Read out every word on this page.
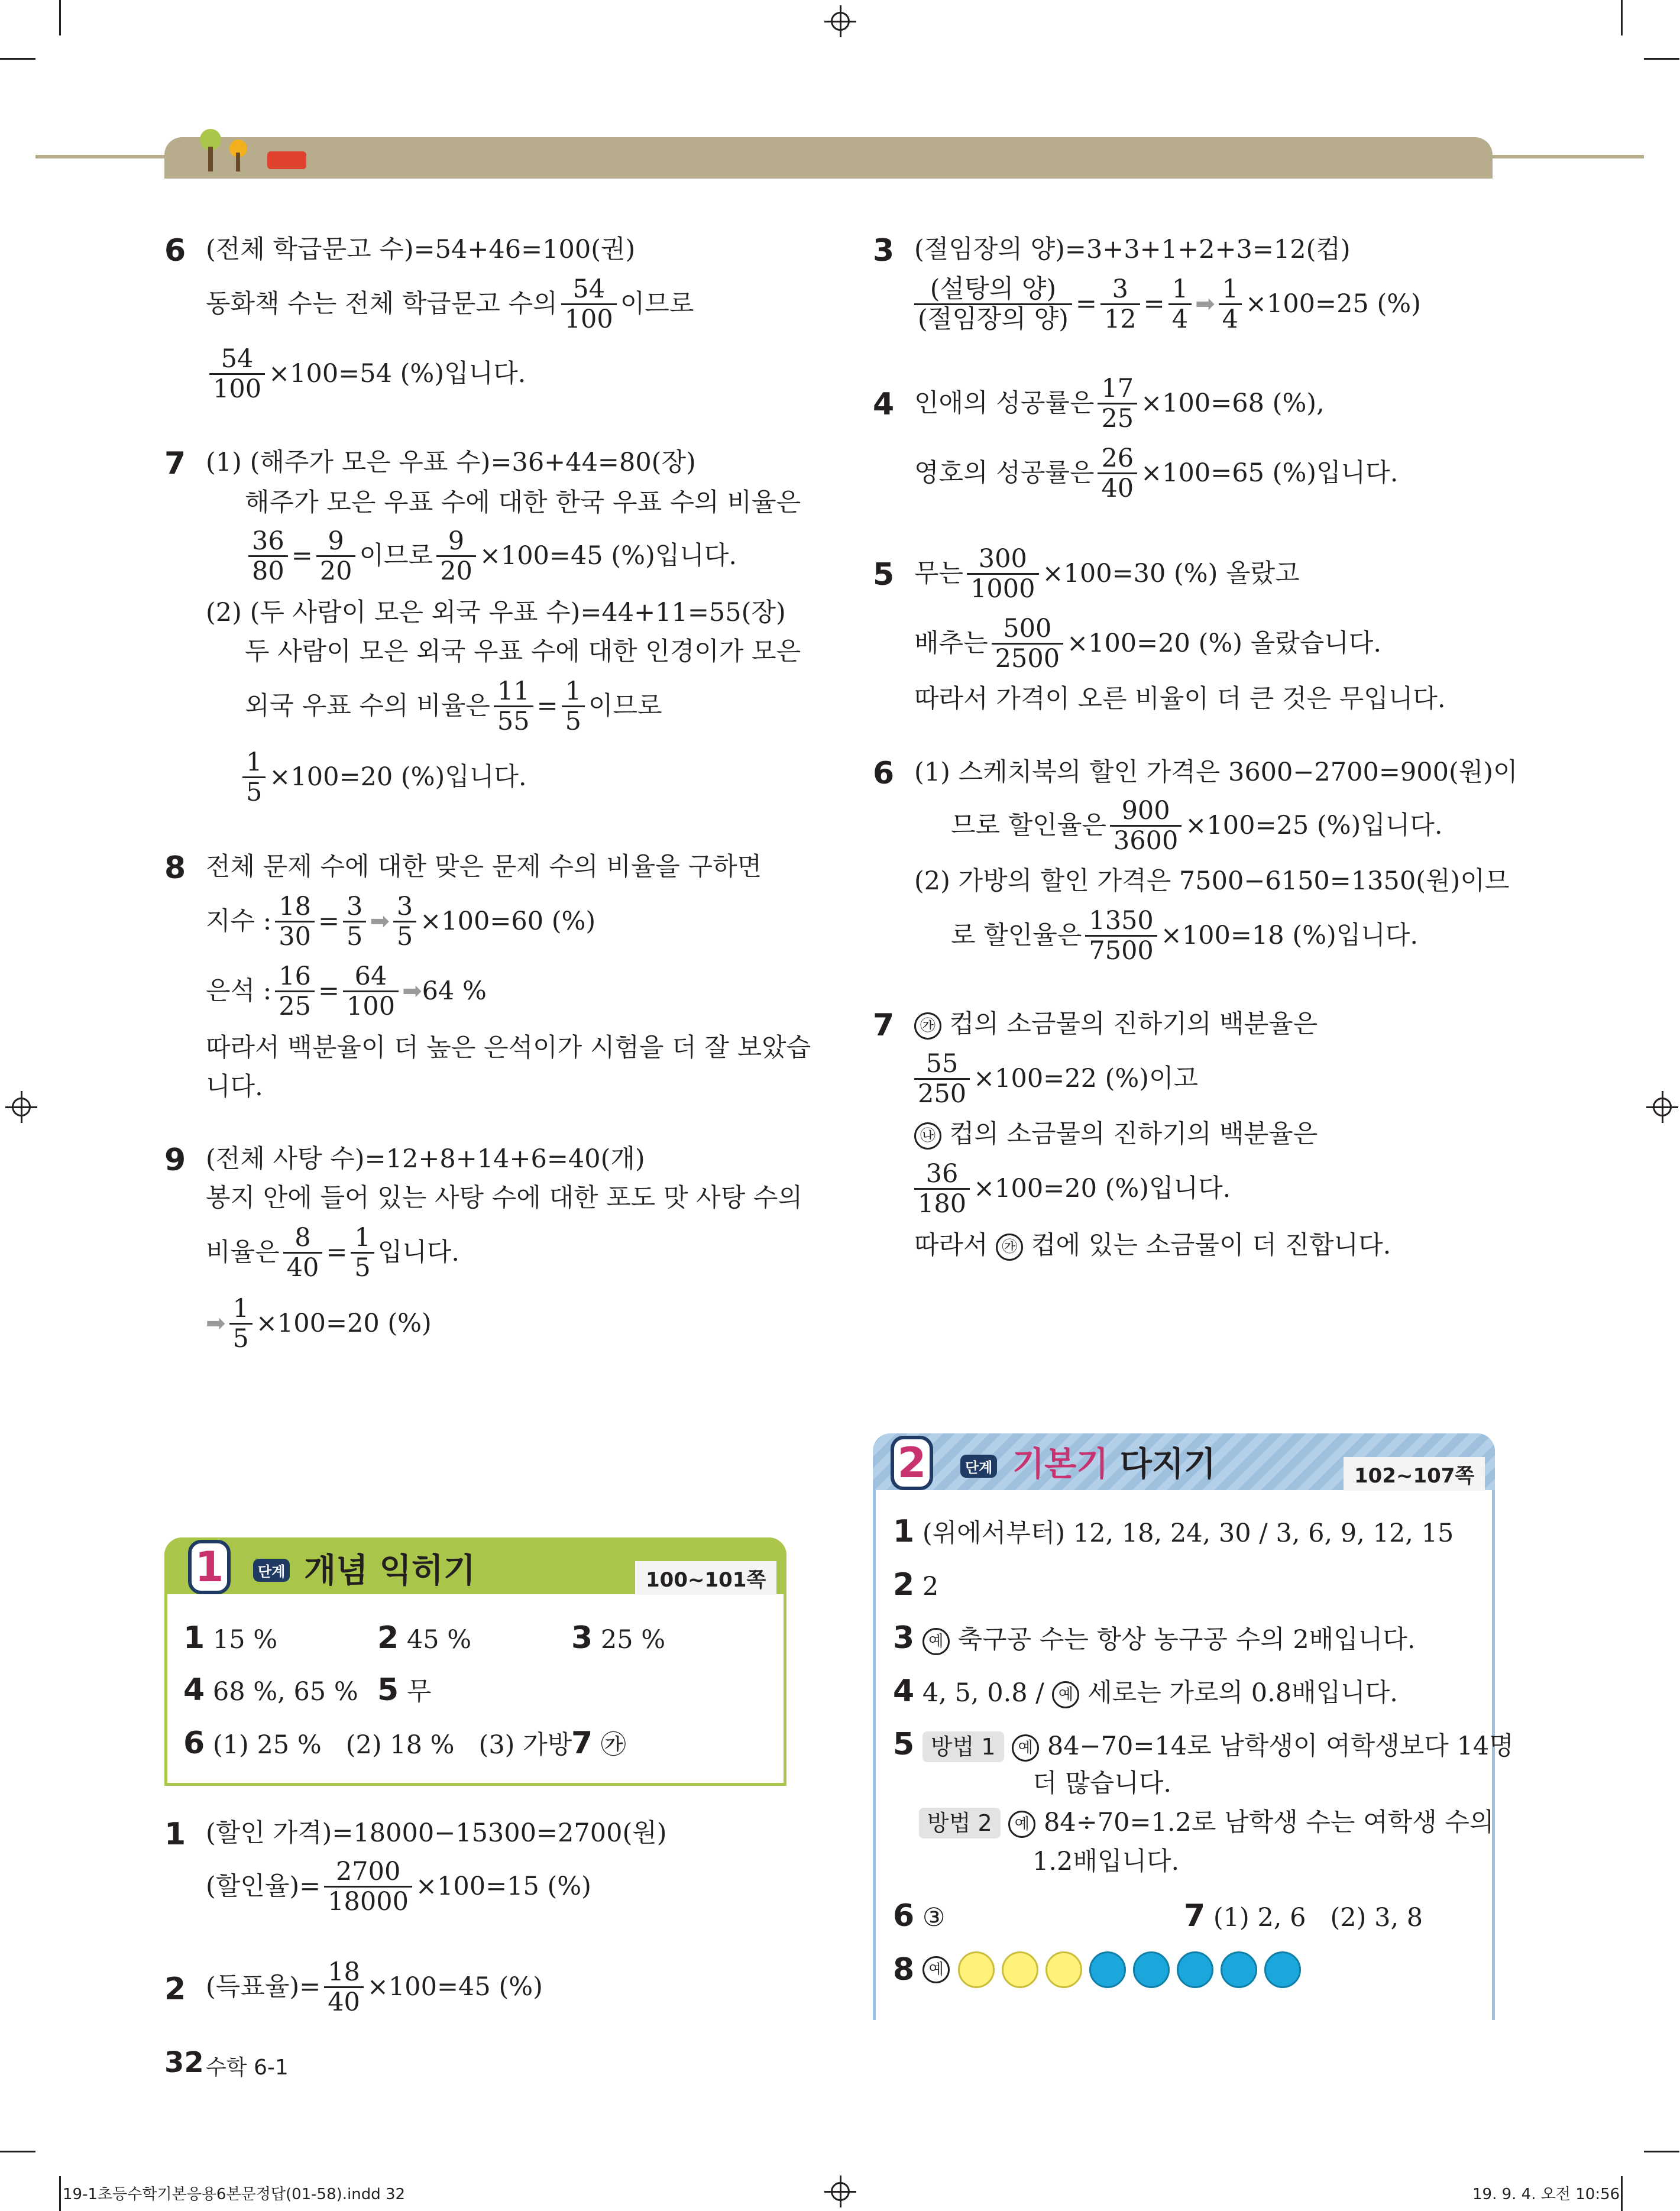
6 (전체 학급문고 수)=54+46=100(권)
동화책 수는 전체 학급문고 수의 $\frac{54}{100}$ 이므로
$\frac{54}{100} \times 100=54$ (%)입니다.
7 (1) (해주가 모은 우표 수)=36+44=80(장)
해주가 모은 우표 수에 대한 한국 우표 수의 비율은
$\frac{36}{80} = \frac{9}{20}$ 이므로 $\frac{9}{20} \times 100=45$ (%)입니다.
(2) (두 사람이 모은 외국 우표 수)=44+11=55(장)
두 사람이 모은 외국 우표 수에 대한 인경이가 모은
외국 우표 수의 비율은 $\frac{11}{55} = \frac{1}{5}$ 이므로
$\frac{1}{5} \times 100=20$ (%)입니다.
8 전체 문제 수에 대한 맞은 문제 수의 비율을 구하면
지수 : $\frac{18}{30} = \frac{3}{5}$ ➡ $\frac{3}{5} \times 100=60$ (%)
은석 : $\frac{16}{25} = \frac{64}{100}$ ➡ 64 %
따라서 백분율이 더 높은 은석이가 시험을 더 잘 보았습
니다.
9 (전체 사탕 수)=12+8+14+6=40(개)
봉지 안에 들어 있는 사탕 수에 대한 포도 맛 사탕 수의
비율은 $\frac{8}{40} = \frac{1}{5}$ 입니다.
➡ $\frac{1}{5} \times 100=20$ (%)
1	단계 개념 익히기	100~101쪽
1 15 %	2 45 %	3 25 %
4 68 %, 65 % 5 무
6 (1) 25 % (2) 18 % (3) 가방
7 ㉮
1 (할인 가격)=18000−15300=2700(원)
(할인율)= $\frac{2700}{18000} \times 100=15$ (%)
2 (득표율)= $\frac{18}{40} \times 100=45$ (%)
32 수학 6-1
3 (절임장의 양)=3+3+1+2+3=12(컵)
$\frac{\text{(설탕의 양)}}{\text{(절임장의 양)}} = \frac{3}{12} = \frac{1}{4}$ ➡ $\frac{1}{4} \times 100=25$ (%)
4 인애의 성공률은 $\frac{17}{25} \times 100=68$ (%),
영호의 성공률은 $\frac{26}{40} \times 100=65$ (%)입니다.
5 무는 $\frac{300}{1000} \times 100=30$ (%) 올랐고
배추는 $\frac{500}{2500} \times 100=20$ (%) 올랐습니다.
따라서 가격이 오른 비율이 더 큰 것은 무입니다.
6 (1) 스케치북의 할인 가격은 3600−2700=900(원)이
므로 할인율은 $\frac{900}{3600} \times 100=25$ (%)입니다.
(2) 가방의 할인 가격은 7500−6150=1350(원)이므
로 할인율은 $\frac{1350}{7500} \times 100=18$ (%)입니다.
7	㉮ 컵의 소금물의 진하기의 백분율은
$\frac{55}{250} \times 100=22$ (%)이고
㉯ 컵의 소금물의 진하기의 백분율은
$\frac{36}{180} \times 100=20$ (%)입니다.
따라서 ㉮ 컵에 있는 소금물이 더 진합니다.
2	단계 기본기 다지기	102~107쪽
1 (위에서부터) 12, 18, 24, 30 / 3, 6, 9, 12, 15
2 2
3 예 축구공 수는 항상 농구공 수의 2배입니다.
4 4, 5, 0.8 / 예 세로는 가로의 0.8배입니다.
5 방법 1 예 84−70=14로 남학생이 여학생보다 14명
더 많습니다.
방법 2 예 84÷70=1.2로 남학생 수는 여학생 수의
1.2배입니다.
6 ③	7 (1) 2, 6 (2) 3, 8
8 예
19-1초등수학기본응용6본문정답(01-58).indd 32	19. 9. 4. 오전 10:56
